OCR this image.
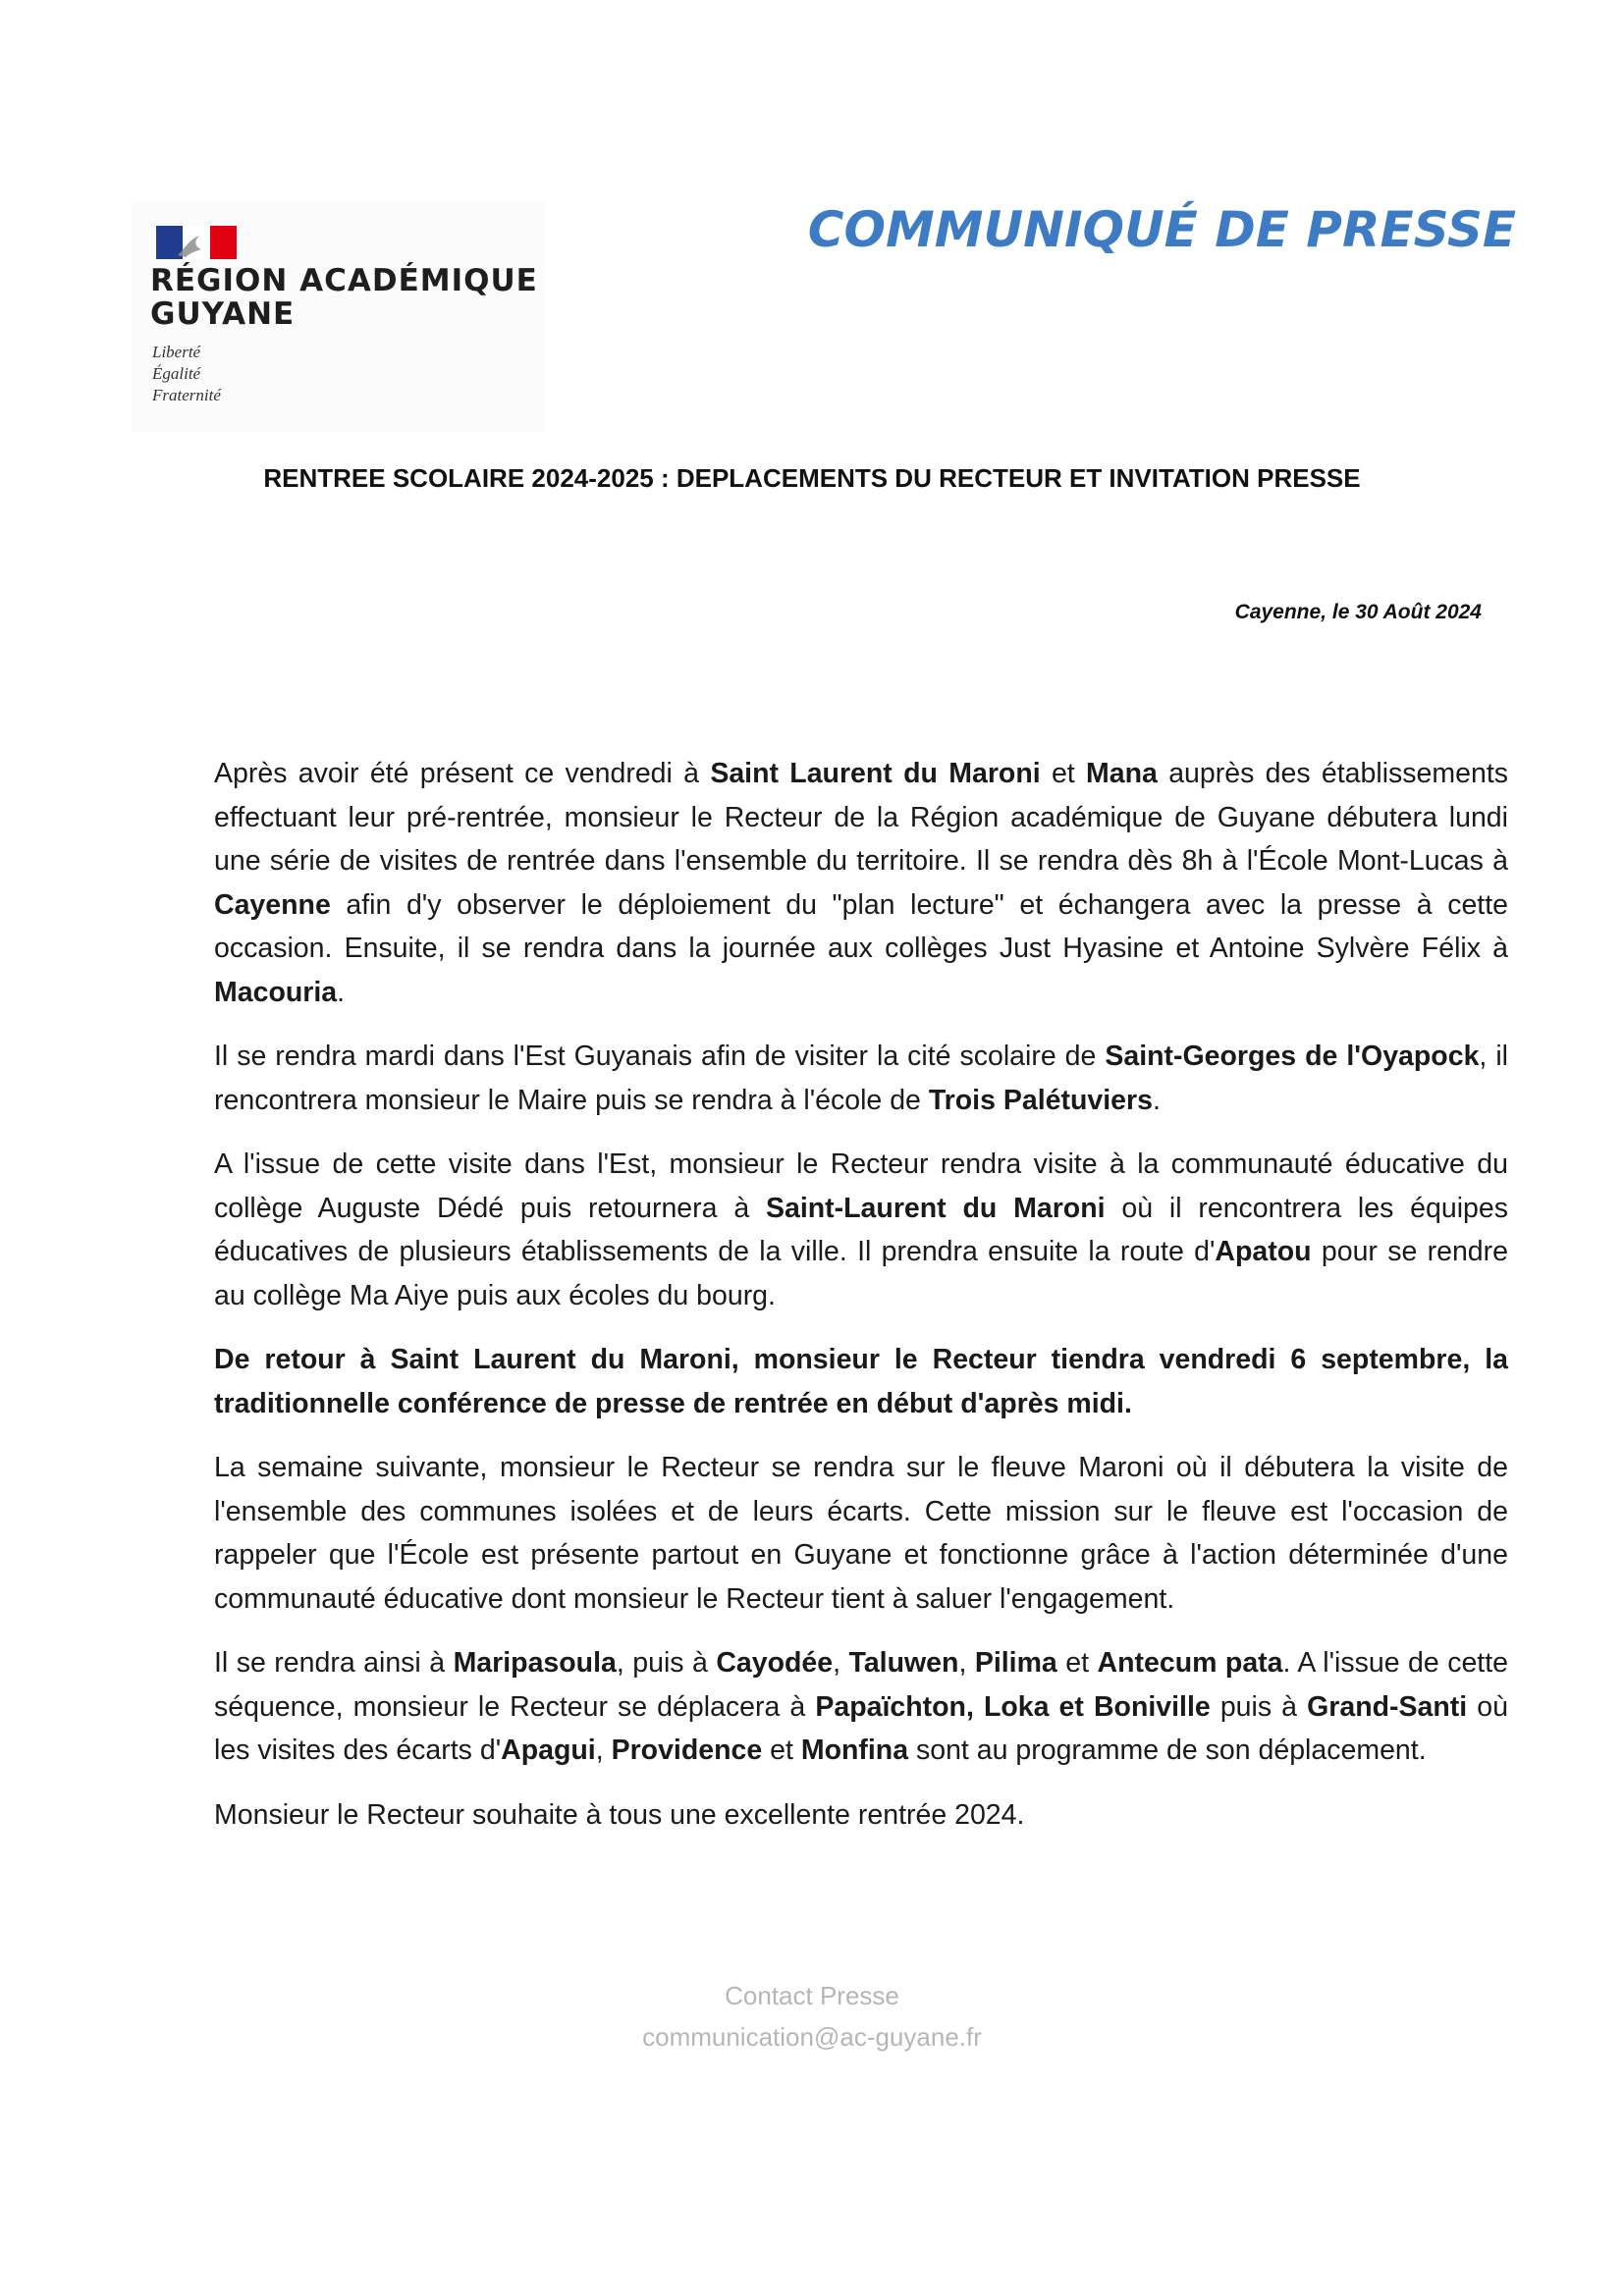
RÉGION ACADÉMIQUE
GUYANE
Liberté
Égalité
Fraternité
COMMUNIQUÉ DE PRESSE
RENTREE SCOLAIRE 2024-2025 : DEPLACEMENTS DU RECTEUR ET INVITATION PRESSE
Cayenne, le 30 Août 2024

Après avoir été présent ce vendredi à Saint Laurent du Maroni et Mana auprès des établissements effectuant leur pré-rentrée, monsieur le Recteur de la Région académique de Guyane débutera lundi une série de visites de rentrée dans l'ensemble du territoire. Il se rendra dès 8h à l'École Mont-Lucas à Cayenne afin d'y observer le déploiement du "plan lecture" et échangera avec la presse à cette occasion. Ensuite, il se rendra dans la journée aux collèges Just Hyasine et Antoine Sylvère Félix à Macouria.

Il se rendra mardi dans l'Est Guyanais afin de visiter la cité scolaire de Saint-Georges de l'Oyapock, il rencontrera monsieur le Maire puis se rendra à l'école de Trois Palétuviers.

A l'issue de cette visite dans l'Est, monsieur le Recteur rendra visite à la communauté éducative du collège Auguste Dédé puis retournera à Saint-Laurent du Maroni où il rencontrera les équipes éducatives de plusieurs établissements de la ville. Il prendra ensuite la route d'Apatou pour se rendre au collège Ma Aiye puis aux écoles du bourg.

De retour à Saint Laurent du Maroni, monsieur le Recteur tiendra vendredi 6 septembre, la traditionnelle conférence de presse de rentrée en début d'après midi.

La semaine suivante, monsieur le Recteur se rendra sur le fleuve Maroni où il débutera la visite de l'ensemble des communes isolées et de leurs écarts. Cette mission sur le fleuve est l'occasion de rappeler que l'École est présente partout en Guyane et fonctionne grâce à l'action déterminée d'une communauté éducative dont monsieur le Recteur tient à saluer l'engagement.

Il se rendra ainsi à Maripasoula, puis à Cayodée, Taluwen, Pilima et Antecum pata. A l'issue de cette séquence, monsieur le Recteur se déplacera à Papaïchton, Loka et Boniville puis à Grand-Santi où les visites des écarts d'Apagui, Providence et Monfina sont au programme de son déplacement.

Monsieur le Recteur souhaite à tous une excellente rentrée 2024.

Contact Presse
communication@ac-guyane.fr
